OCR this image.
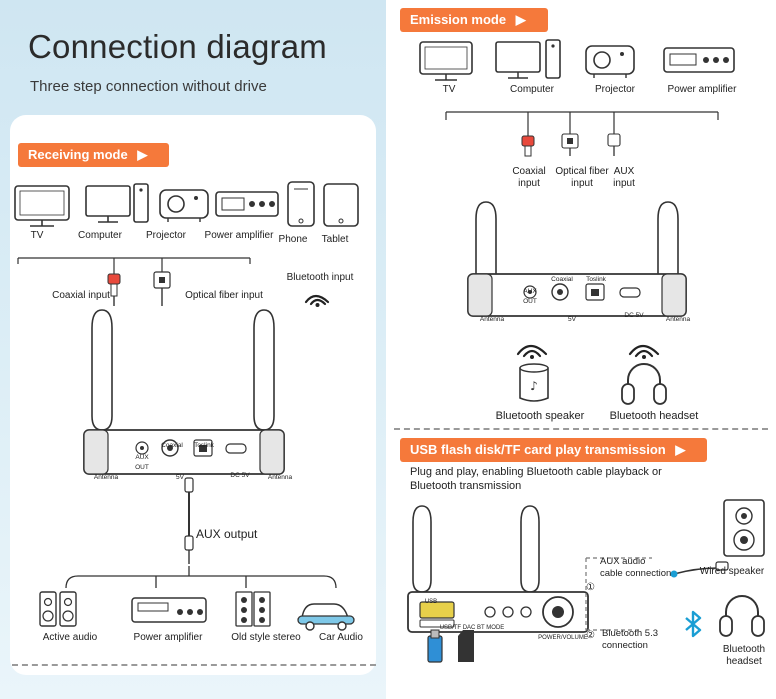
Connection diagram
Three step connection without drive
Receiving mode ▶
TV	Computer	Projector	Power amplifier Phone	Tablet
Coaxial input	Optical fiber input
Bluetooth input
Antenna	Antenna
AUX
OUT
Coaxial	Toslink
5V	DC 5V
AUX output
Active audio	Power amplifier	Old style stereo	Car Audio
Emission mode ▶
TV	Computer	Projector	Power amplifier
Coaxial input
Optical fiber input
AUX input
Antenna	Antenna
AUX
OUT
Coaxial	Toslink
5V
DC 5V
♪
Bluetooth speaker	Bluetooth headset
USB flash disk/TF card play transmission ▶
Plug and play, enabling Bluetooth cable playback or
Bluetooth transmission
USB
USB/TF DAC BT MODE
POWER/VOLUME
AUX audio
cable connection
①
② Bluetooth 5.3
connection
Wired speaker
Bluetooth
headset
